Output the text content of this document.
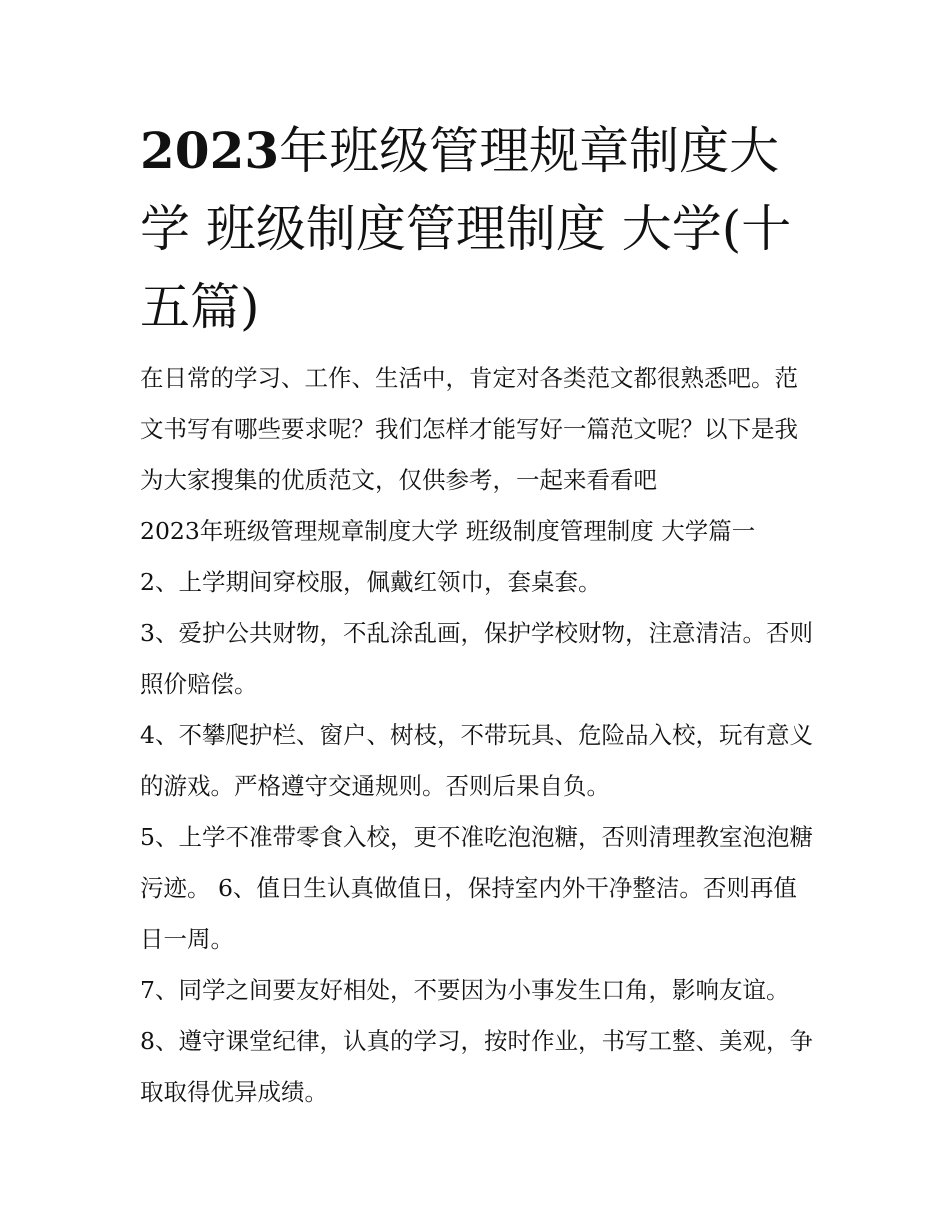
2023年班级管理规章制度大学 班级制度管理制度 大学(十五篇)

在日常的学习、工作、生活中，肯定对各类范文都很熟悉吧。范文书写有哪些要求呢？我们怎样才能写好一篇范文呢？以下是我为大家搜集的优质范文，仅供参考，一起来看看吧

2023年班级管理规章制度大学 班级制度管理制度 大学篇一

2、上学期间穿校服，佩戴红领巾，套桌套。

3、爱护公共财物，不乱涂乱画，保护学校财物，注意清洁。否则照价赔偿。

4、不攀爬护栏、窗户、树枝，不带玩具、危险品入校，玩有意义的游戏。严格遵守交通规则。否则后果自负。

5、上学不准带零食入校，更不准吃泡泡糖，否则清理教室泡泡糖污迹。 6、值日生认真做值日，保持室内外干净整洁。否则再值日一周。

7、同学之间要友好相处，不要因为小事发生口角，影响友谊。 8、遵守课堂纪律，认真的学习，按时作业，书写工整、美观，争取取得优异成绩。
